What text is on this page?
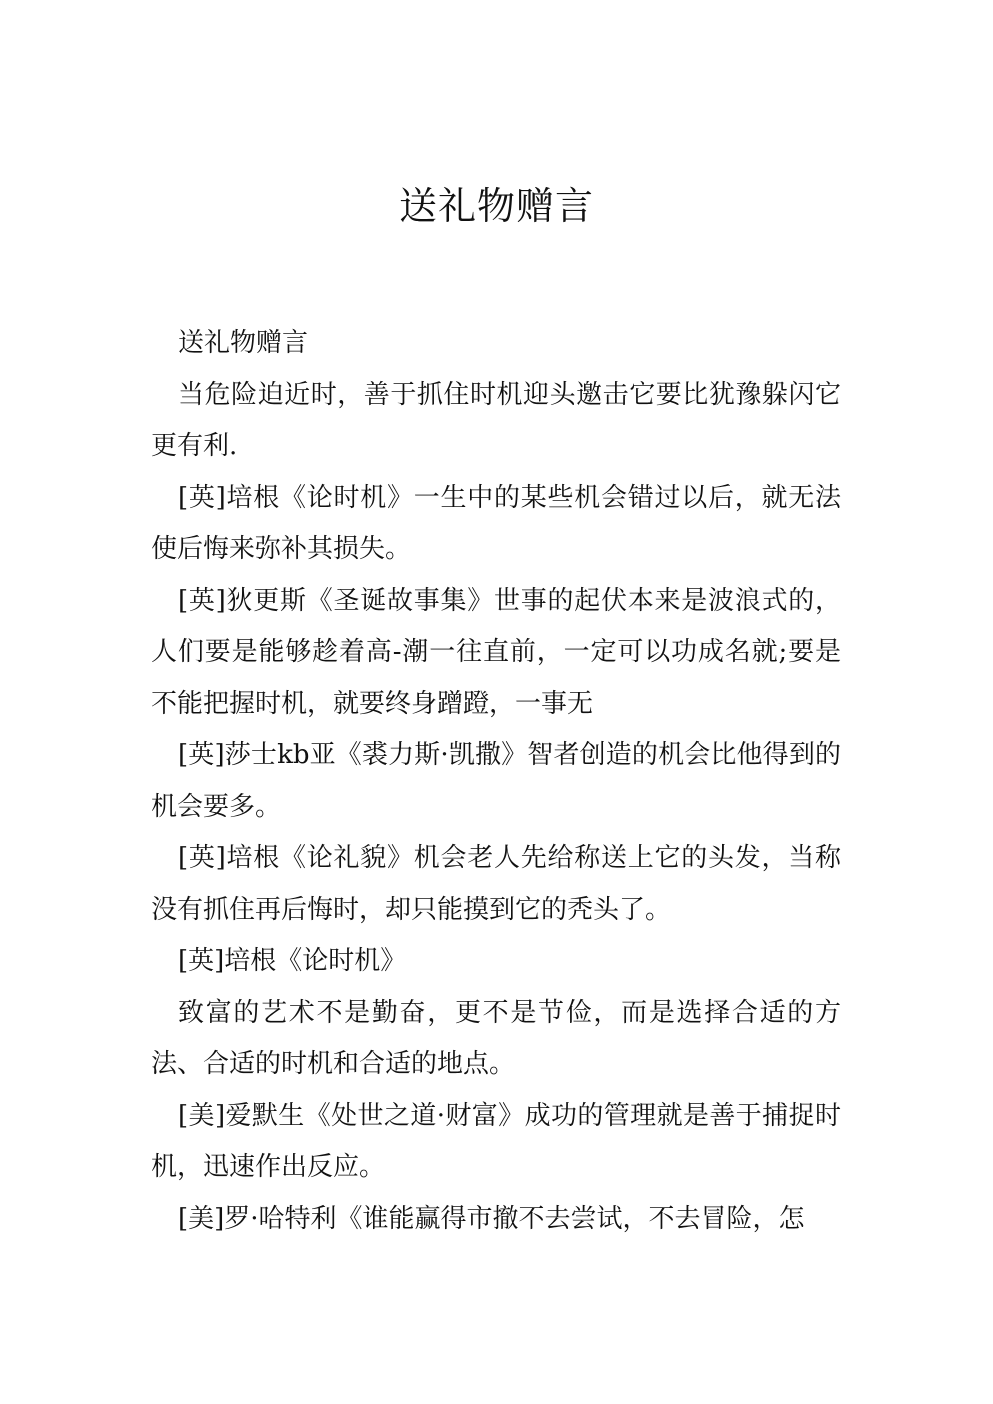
送礼物赠言

送礼物赠言

当危险迫近时，善于抓住时机迎头邀击它要比犹豫躲闪它更有利.

[英]培根《论时机》一生中的某些机会错过以后，就无法使后悔来弥补其损失。

[英]狄更斯《圣诞故事集》世事的起伏本来是波浪式的，人们要是能够趁着高-潮一往直前，一定可以功成名就;要是不能把握时机，就要终身蹭蹬，一事无

[英]莎士kb亚《裘力斯·凯撒》智者创造的机会比他得到的机会要多。

[英]培根《论礼貌》机会老人先给称送上它的头发，当称没有抓住再后悔时，却只能摸到它的秃头了。

[英]培根《论时机》

致富的艺术不是勤奋，更不是节俭，而是选择合适的方法、合适的时机和合适的地点。

[美]爱默生《处世之道·财富》成功的管理就是善于捕捉时机，迅速作出反应。

[美]罗·哈特利《谁能赢得市撤不去尝试，不去冒险，怎
